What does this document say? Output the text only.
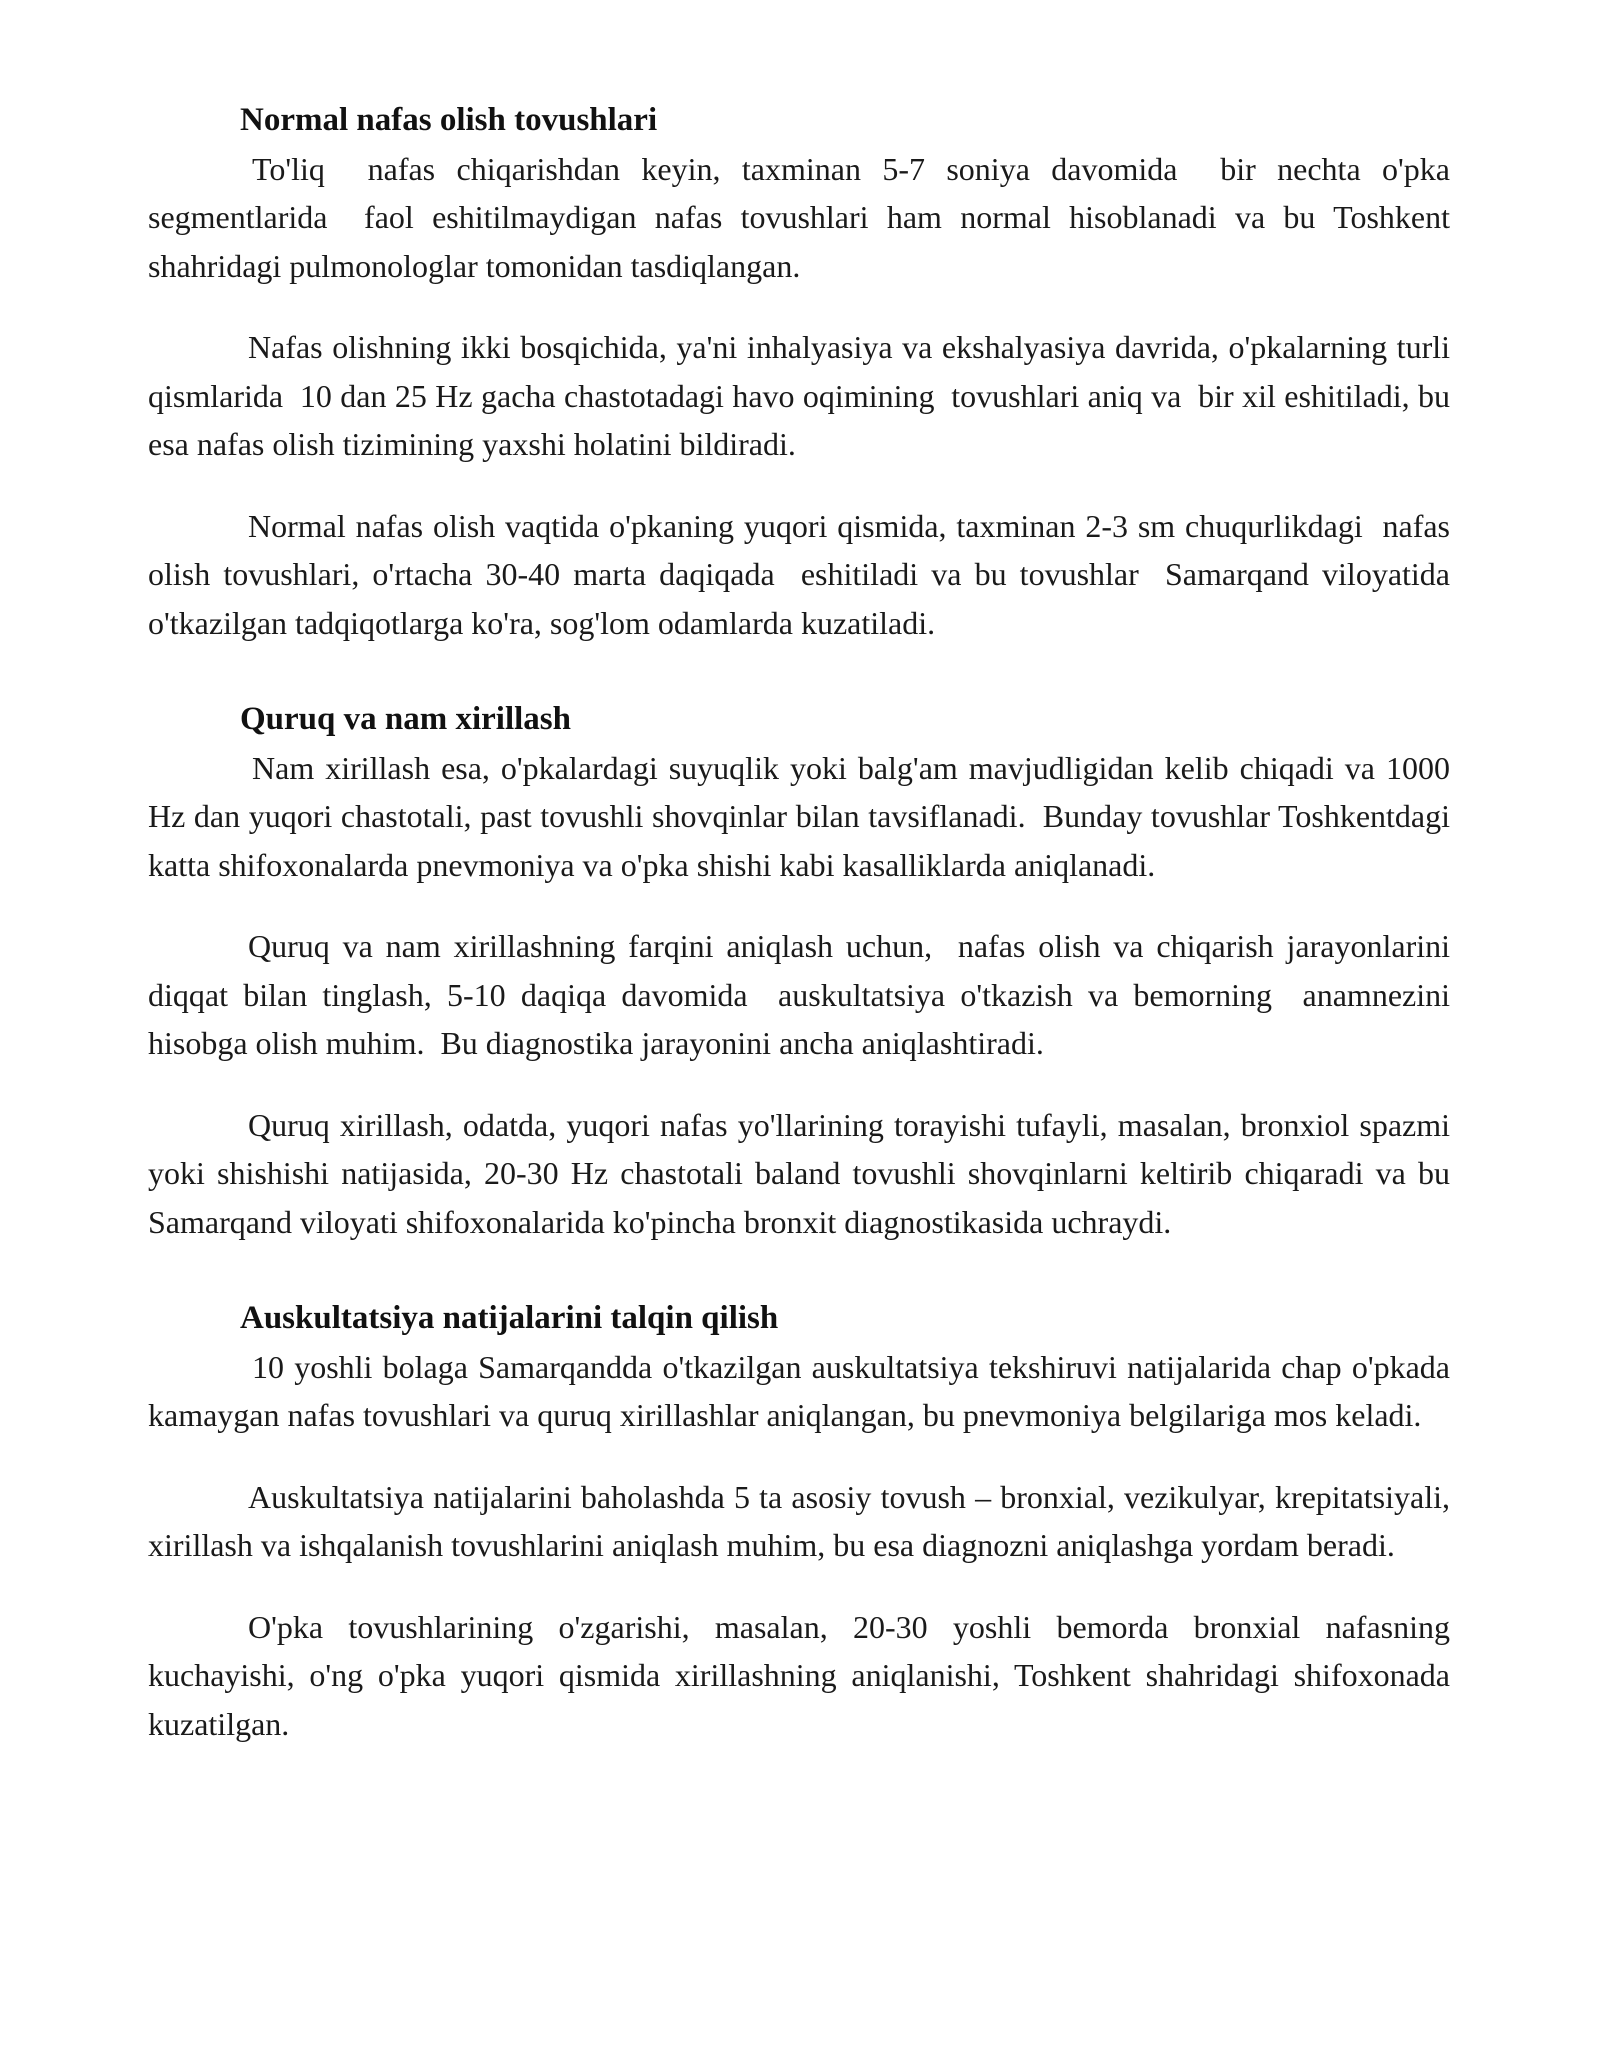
Normal nafas olish tovushlari

To'liq  nafas chiqarishdan keyin, taxminan 5-7 soniya davomida  bir nechta o'pka segmentlarida  faol eshitilmaydigan nafas tovushlari ham normal hisoblanadi va bu Toshkent shahridagi pulmonologlar tomonidan tasdiqlangan.

Nafas olishning ikki bosqichida, ya'ni inhalyasiya va ekshalyasiya davrida, o'pkalarning turli qismlarida  10 dan 25 Hz gacha chastotadagi havo oqimining  tovushlari aniq va  bir xil eshitiladi, bu esa nafas olish tizimining yaxshi holatini bildiradi.

Normal nafas olish vaqtida o'pkaning yuqori qismida, taxminan 2-3 sm chuqurlikdagi  nafas olish tovushlari, o'rtacha 30-40 marta daqiqada  eshitiladi va bu tovushlar  Samarqand viloyatida o'tkazilgan tadqiqotlarga ko'ra, sog'lom odamlarda kuzatiladi.

Quruq va nam xirillash

Nam xirillash esa, o'pkalardagi suyuqlik yoki balg'am mavjudligidan kelib chiqadi va 1000 Hz dan yuqori chastotali, past tovushli shovqinlar bilan tavsiflanadi.  Bunday tovushlar Toshkentdagi katta shifoxonalarda pnevmoniya va o'pka shishi kabi kasalliklarda aniqlanadi.

Quruq va nam xirillashning farqini aniqlash uchun,  nafas olish va chiqarish jarayonlarini diqqat bilan tinglash, 5-10 daqiqa davomida  auskultatsiya o'tkazish va bemorning  anamnezini hisobga olish muhim.  Bu diagnostika jarayonini ancha aniqlashtiradi.

Quruq xirillash, odatda, yuqori nafas yo'llarining torayishi tufayli, masalan, bronxiol spazmi yoki shishishi natijasida, 20-30 Hz chastotali baland tovushli shovqinlarni keltirib chiqaradi va bu Samarqand viloyati shifoxonalarida ko'pincha bronxit diagnostikasida uchraydi.

Auskultatsiya natijalarini talqin qilish

10 yoshli bolaga Samarqandda o'tkazilgan auskultatsiya tekshiruvi natijalarida chap o'pkada kamaygan nafas tovushlari va quruq xirillashlar aniqlangan, bu pnevmoniya belgilariga mos keladi.

Auskultatsiya natijalarini baholashda 5 ta asosiy tovush – bronxial, vezikulyar, krepitatsiyali, xirillash va ishqalanish tovushlarini aniqlash muhim, bu esa diagnozni aniqlashga yordam beradi.

O'pka tovushlarining o'zgarishi, masalan, 20-30 yoshli bemorda bronxial nafasning kuchayishi, o'ng o'pka yuqori qismida xirillashning aniqlanishi, Toshkent shahridagi shifoxonada kuzatilgan.
